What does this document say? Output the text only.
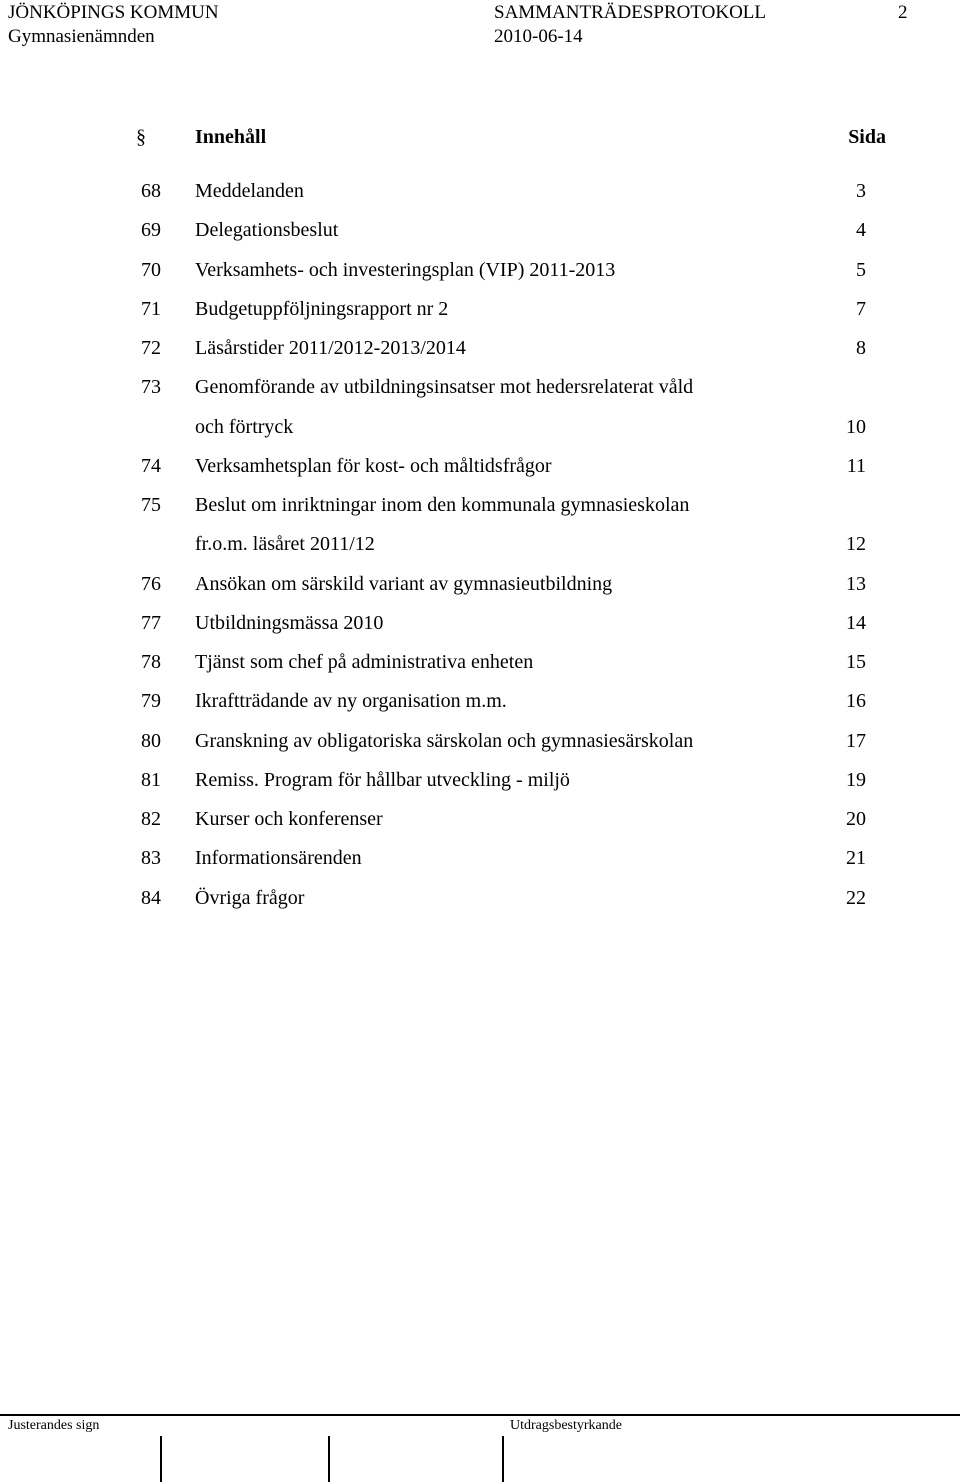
JÖNKÖPINGS KOMMUN
Gymnasienämnden
SAMMANTRÄDESPROTOKOLL
2010-06-14
2
§ Innehåll	Sida
68 Meddelanden	3
69 Delegationsbeslut	4
70 Verksamhets- och investeringsplan (VIP) 2011-2013	5
71 Budgetuppföljningsrapport nr 2	7
72 Läsårstider 2011/2012-2013/2014	8
73 Genomförande av utbildningsinsatser mot hedersrelaterat våld
och förtryck	10
74 Verksamhetsplan för kost- och måltidsfrågor	11
75 Beslut om inriktningar inom den kommunala gymnasieskolan
fr.o.m. läsåret 2011/12	12
76 Ansökan om särskild variant av gymnasieutbildning	13
77 Utbildningsmässa 2010	14
78 Tjänst som chef på administrativa enheten	15
79 Ikraftträdande av ny organisation m.m.	16
80 Granskning av obligatoriska särskolan och gymnasiesärskolan	17
81 Remiss. Program för hållbar utveckling - miljö	19
82 Kurser och konferenser	20
83 Informationsärenden	21
84 Övriga frågor	22
Justerandes sign	Utdragsbestyrkande
